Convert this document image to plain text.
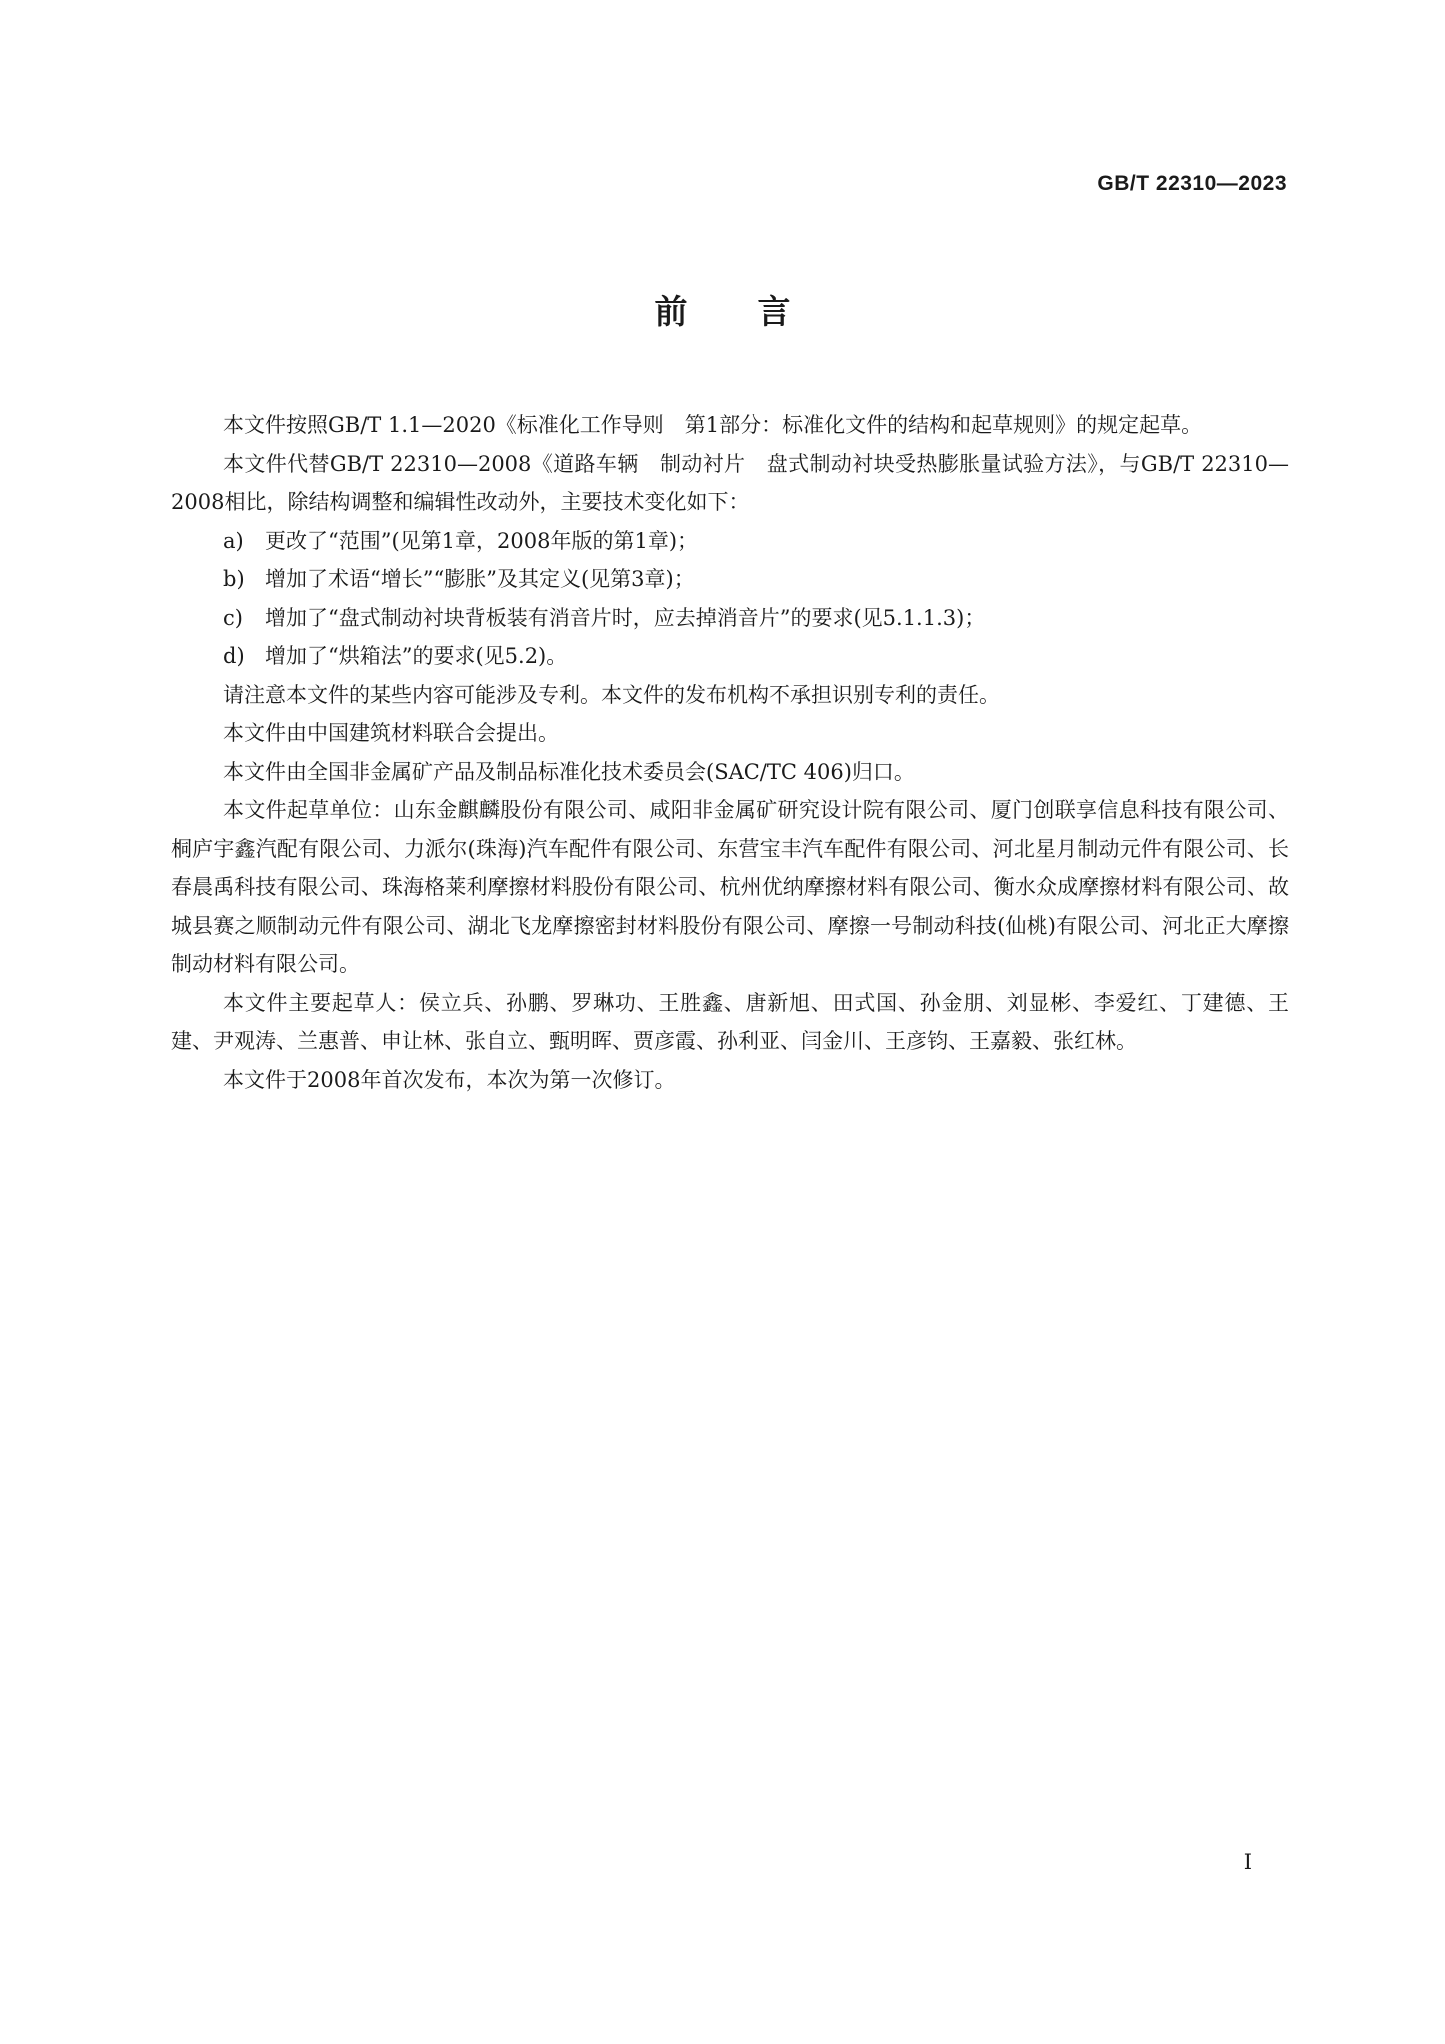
GB/T 22310—2023
前言

本文件按照GB/T 1.1—2020《标准化工作导则　第1部分：标准化文件的结构和起草规则》的规定起草。

本文件代替GB/T 22310—2008《道路车辆　制动衬片　盘式制动衬块受热膨胀量试验方法》，与GB/T 22310—2008相比，除结构调整和编辑性改动外，主要技术变化如下：

a) 更改了“范围”(见第1章，2008年版的第1章)；
b) 增加了术语“增长”“膨胀”及其定义(见第3章)；
c) 增加了“盘式制动衬块背板装有消音片时，应去掉消音片”的要求(见5.1.1.3)；
d) 增加了“烘箱法”的要求(见5.2)。

请注意本文件的某些内容可能涉及专利。本文件的发布机构不承担识别专利的责任。

本文件由中国建筑材料联合会提出。

本文件由全国非金属矿产品及制品标准化技术委员会(SAC/TC 406)归口。

本文件起草单位：山东金麒麟股份有限公司、咸阳非金属矿研究设计院有限公司、厦门创联享信息科技有限公司、桐庐宇鑫汽配有限公司、力派尔(珠海)汽车配件有限公司、东营宝丰汽车配件有限公司、河北星月制动元件有限公司、长春晨禹科技有限公司、珠海格莱利摩擦材料股份有限公司、杭州优纳摩擦材料有限公司、衡水众成摩擦材料有限公司、故城县赛之顺制动元件有限公司、湖北飞龙摩擦密封材料股份有限公司、摩擦一号制动科技(仙桃)有限公司、河北正大摩擦制动材料有限公司。

本文件主要起草人：侯立兵、孙鹏、罗琳功、王胜鑫、唐新旭、田式国、孙金朋、刘显彬、李爱红、丁建德、王建、尹观涛、兰惠普、申让林、张自立、甄明晖、贾彦霞、孙利亚、闫金川、王彦钧、王嘉毅、张红林。

本文件于2008年首次发布，本次为第一次修订。

I
